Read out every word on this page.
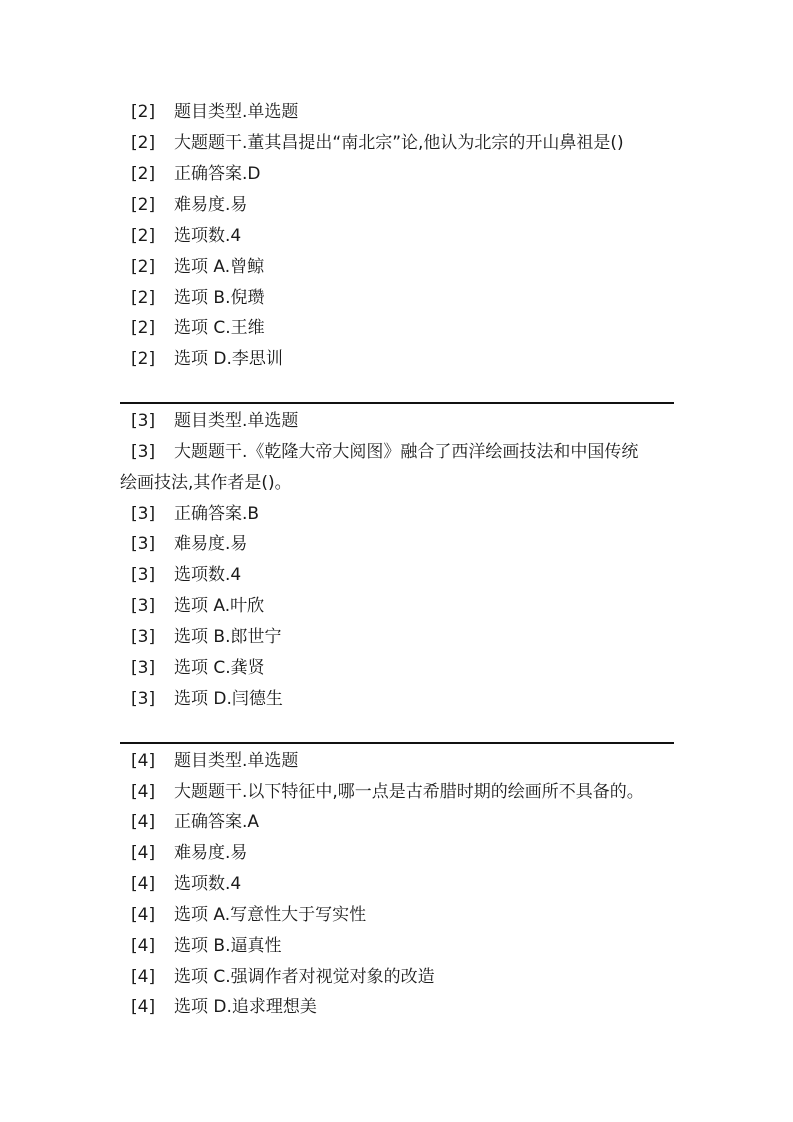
[2] 题目类型.单选题
[2] 大题题干.董其昌提出“南北宗”论,他认为北宗的开山鼻祖是()
[2] 正确答案.D
[2] 难易度.易
[2] 选项数.4
[2] 选项 A.曾鲸
[2] 选项 B.倪瓒
[2] 选项 C.王维
[2] 选项 D.李思训
[3] 题目类型.单选题
[3] 大题题干.《乾隆大帝大阅图》融合了西洋绘画技法和中国传统
绘画技法,其作者是()。
[3] 正确答案.B
[3] 难易度.易
[3] 选项数.4
[3] 选项 A.叶欣
[3] 选项 B.郎世宁
[3] 选项 C.龚贤
[3] 选项 D.闫德生
[4] 题目类型.单选题
[4] 大题题干.以下特征中,哪一点是古希腊时期的绘画所不具备的。
[4] 正确答案.A
[4] 难易度.易
[4] 选项数.4
[4] 选项 A.写意性大于写实性
[4] 选项 B.逼真性
[4] 选项 C.强调作者对视觉对象的改造
[4] 选项 D.追求理想美
